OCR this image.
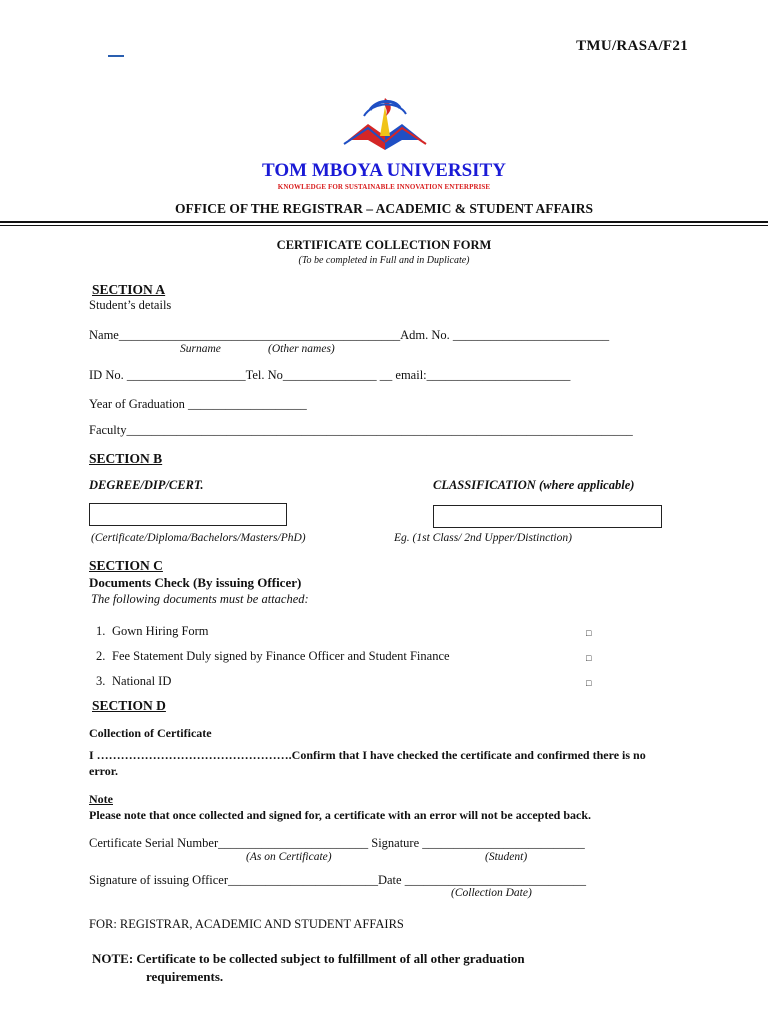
TMU/RASA/F21
TOM MBOYA UNIVERSITY
KNOWLEDGE FOR SUSTAINABLE INNOVATION ENTERPRISE
OFFICE OF THE REGISTRAR – ACADEMIC & STUDENT AFFAIRS
CERTIFICATE COLLECTION FORM
(To be completed in Full and in Duplicate)
SECTION A
Student’s details
Name_____________________________________________Adm. No. _________________________
Surname	(Other names)
ID No. ___________________Tel. No_______________ __ email:_______________________
Year of Graduation ___________________
Faculty_________________________________________________________________________________
SECTION B
DEGREE/DIP/CERT.	CLASSIFICATION (where applicable)
(Certificate/Diploma/Bachelors/Masters/PhD)	Eg. (1st Class/ 2nd Upper/Distinction)
SECTION C
Documents Check (By issuing Officer)
The following documents must be attached:
1. Gown Hiring Form	□
2. Fee Statement Duly signed by Finance Officer and Student Finance	□
3. National ID	□
SECTION D
Collection of Certificate
I ………………………………………….Confirm that I have checked the certificate and confirmed there is no
error.
Note
Please note that once collected and signed for, a certificate with an error will not be accepted back.
Certificate Serial Number________________________ Signature __________________________
(As on Certificate)	(Student)
Signature of issuing Officer________________________Date _____________________________
(Collection Date)
FOR: REGISTRAR, ACADEMIC AND STUDENT AFFAIRS
NOTE: Certificate to be collected subject to fulfillment of all other graduation
requirements.
